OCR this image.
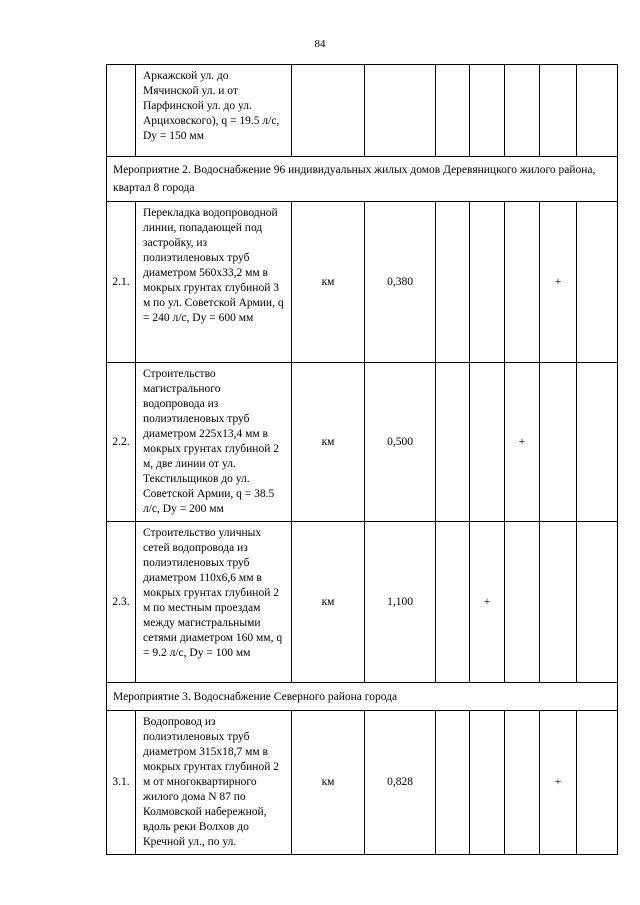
84
	Аркажской ул. до Мячинской ул. и от Парфинской ул. до ул. Арциховского), q = 19.5 л/с, Dy = 150 мм							
Мероприятие 2. Водоснабжение 96 индивидуальных жилых домов Деревяницкого жилого района, квартал 8 города								
2.1.	Перекладка водопроводной линии, попадающей под застройку, из полиэтиленовых труб диаметром 560x33,2 мм в мокрых грунтах глубиной 3 м по ул. Советской Армии, q = 240 л/с, Dy = 600 мм	км	0,380				+	
2.2.	Строительство магистрального водопровода из полиэтиленовых труб диаметром 225x13,4 мм в мокрых грунтах глубиной 2 м, две линии от ул. Текстильщиков до ул. Советской Армии, q = 38.5 л/с, Dy = 200 мм	км	0,500			+		
2.3.	Строительство уличных сетей водопровода из полиэтиленовых труб диаметром 110x6,6 мм в мокрых грунтах глубиной 2 м по местным проездам между магистральными сетями диаметром 160 мм, q = 9.2 л/с, Dy = 100 мм	км	1,100		+			
Мероприятие 3. Водоснабжение Северного района города								
3.1.	Водопровод из полиэтиленовых труб диаметром 315x18,7 мм в мокрых грунтах глубиной 2 м от многоквартирного жилого дома N 87 по Колмовской набережной, вдоль реки Волхов до Кречной ул., по ул.	км	0,828				+	
